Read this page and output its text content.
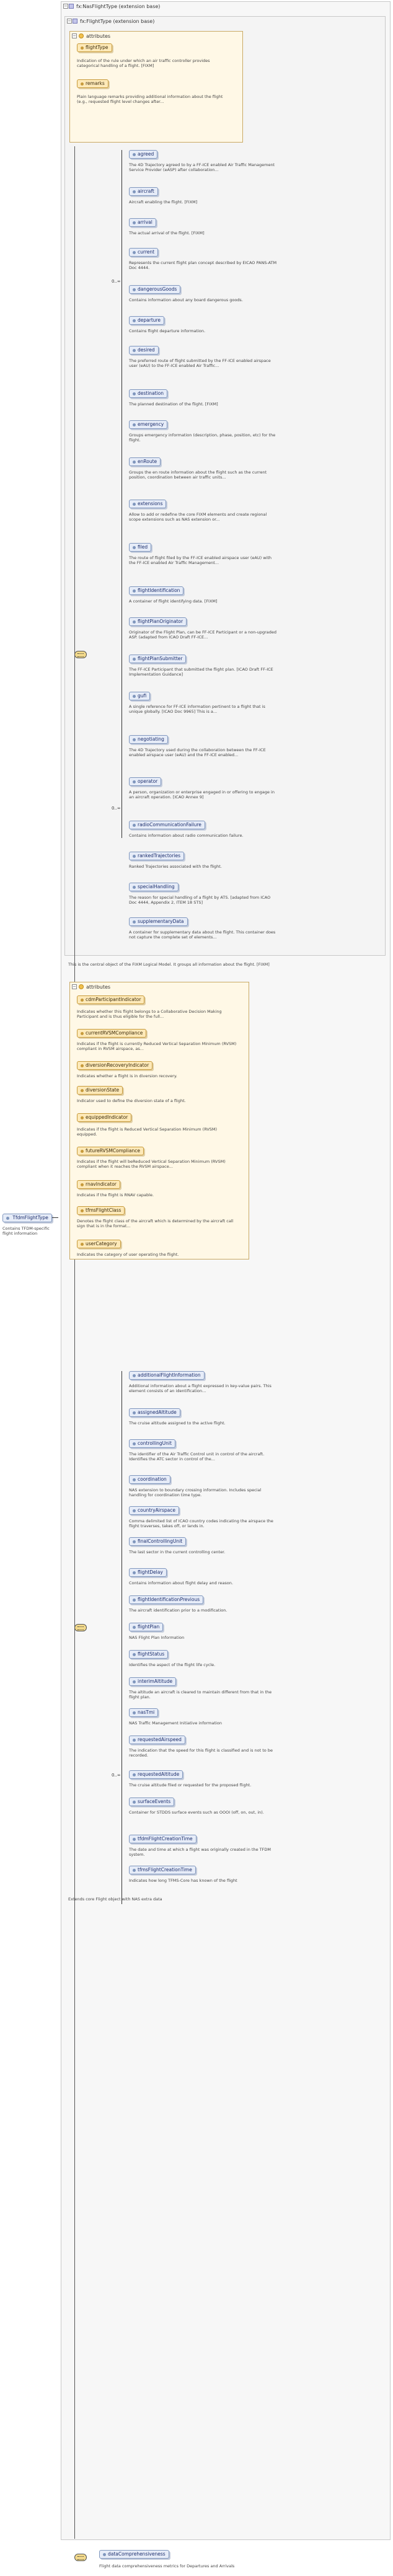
TfdmFlightType
Contains TFDM-specific flight information
− fx:NasFlightType (extension base)
− fx:FlightType (extension base)
− attributes
flightType
Indication of the rule under which an air traffic controller provides categorical handling of a flight. [FIXM]
remarks
Plain language remarks providing additional information about the flight (e.g., requested flight level changes after...
0..∞
0..∞
0..∞
agreed
The 4D Trajectory agreed to by a FF-ICE enabled Air Traffic Management Service Provider (eASP) after collaboration...
aircraft
Aircraft enabling the flight. [FIXM]
arrival
The actual arrival of the flight. [FIXM]
current
Represents the current flight plan concept described by EICAO PANS-ATM Doc 4444.
dangerousGoods
Contains information about any board dangerous goods.
departure
Contains flight departure information.
desired
The preferred route of flight submitted by the FF-ICE enabled airspace user (eAU) to the FF-ICE enabled Air Traffic...
destination
The planned destination of the flight. [FIXM]
emergency
Groups emergency information (description, phase, position, etc) for the flight.
enRoute
Groups the en route information about the flight such as the current position, coordination between air traffic units...
extensions
Allow to add or redefine the core FIXM elements and create regional scope extensions such as NAS extension or...
filed
The route of flight filed by the FF-ICE enabled airspace user (eAU) with the FF-ICE enabled Air Traffic Management...
flightIdentification
A container of flight identifying data. [FIXM]
flightPlanOriginator
Originator of the Flight Plan, can be FF-ICE Participant or a non-upgraded ASP. (adapted from ICAO Draft FF-ICE...
flightPlanSubmitter
The FF-ICE Participant that submitted the flight plan. [ICAO Draft FF-ICE Implementation Guidance]
gufi
A single reference for FF-ICE information pertinent to a flight that is unique globally. [ICAO Doc 9965] This is a...
negotiating
The 4D Trajectory used during the collaboration between the FF-ICE enabled airspace user (eAU) and the FF-ICE enabled...
operator
A person, organization or enterprise engaged in or offering to engage in an aircraft operation. [ICAO Annex 9]
radioCommunicationFailure
Contains information about radio communication failure.
rankedTrajectories
Ranked Trajectories associated with the flight.
specialHandling
The reason for special handling of a flight by ATS. [adapted from ICAO Doc 4444, Appendix 2, ITEM 18 STS]
supplementaryData
A container for supplementary data about the flight. This container does not capture the complete set of elements...
This is the central object of the FIXM Logical Model. It groups all information about the flight. [FIXM]
− attributes
cdmParticipantIndicator
Indicates whether this flight belongs to a Collaborative Decision Making Participant and is thus eligible for the full...
currentRVSMCompliance
Indicates if the flight is currently Reduced Vertical Separation Minimum (RVSM) compliant in RVSM airspace, as...
diversionRecoveryIndicator
Indicates whether a flight is in diversion recovery.
diversionState
Indicator used to define the diversion state of a flight.
equippedIndicator
Indicates if the flight is Reduced Vertical Separation Minimum (RVSM) equipped.
futureRVSMCompliance
Indicates if the flight will beReduced Vertical Separation Minimum (RVSM) compliant when it reaches the RVSM airspace...
rnavIndicator
Indicates if the flight is RNAV capable.
tfmsFlightClass
Denotes the flight class of the aircraft which is determined by the aircraft call sign that is in the format...
userCategory
Indicates the category of user operating the flight.
additionalFlightInformation
Additional information about a flight expressed in key-value pairs. This element consists of an identification...
assignedAltitude
The cruise altitude assigned to the active flight.
controllingUnit
The identifier of the Air Traffic Control unit in control of the aircraft. Identifies the ATC sector in control of the...
coordination
NAS extension to boundary crossing information. Includes special handling for coordination time type.
countryAirspace
Comma delimited list of ICAO country codes indicating the airspace the flight traverses, takes off, or lands in.
finalControllingUnit
The last sector in the current controlling center.
flightDelay
Contains information about flight delay and reason.
flightIdentificationPrevious
The aircraft identification prior to a modification.
flightPlan
NAS Flight Plan Information
flightStatus
Identifies the aspect of the flight life cycle.
interimAltitude
The altitude an aircraft is cleared to maintain different from that in the flight plan.
nasTmi
NAS Traffic Management Initiative information
requestedAirspeed
The indication that the speed for this flight is classified and is not to be recorded.
requestedAltitude
The cruise altitude filed or requested for the proposed flight.
surfaceEvents
Container for STDDS surface events such as OOOI (off, on, out, in).
tfdmFlightCreationTime
The date and time at which a flight was originally created in the TFDM system.
tfmsFlightCreationTime
Indicates how long TFMS-Core has known of the flight
Extends core Flight object with NAS extra data
dataComprehensiveness
Flight data comprehensiveness metrics for Departures and Arrivals
